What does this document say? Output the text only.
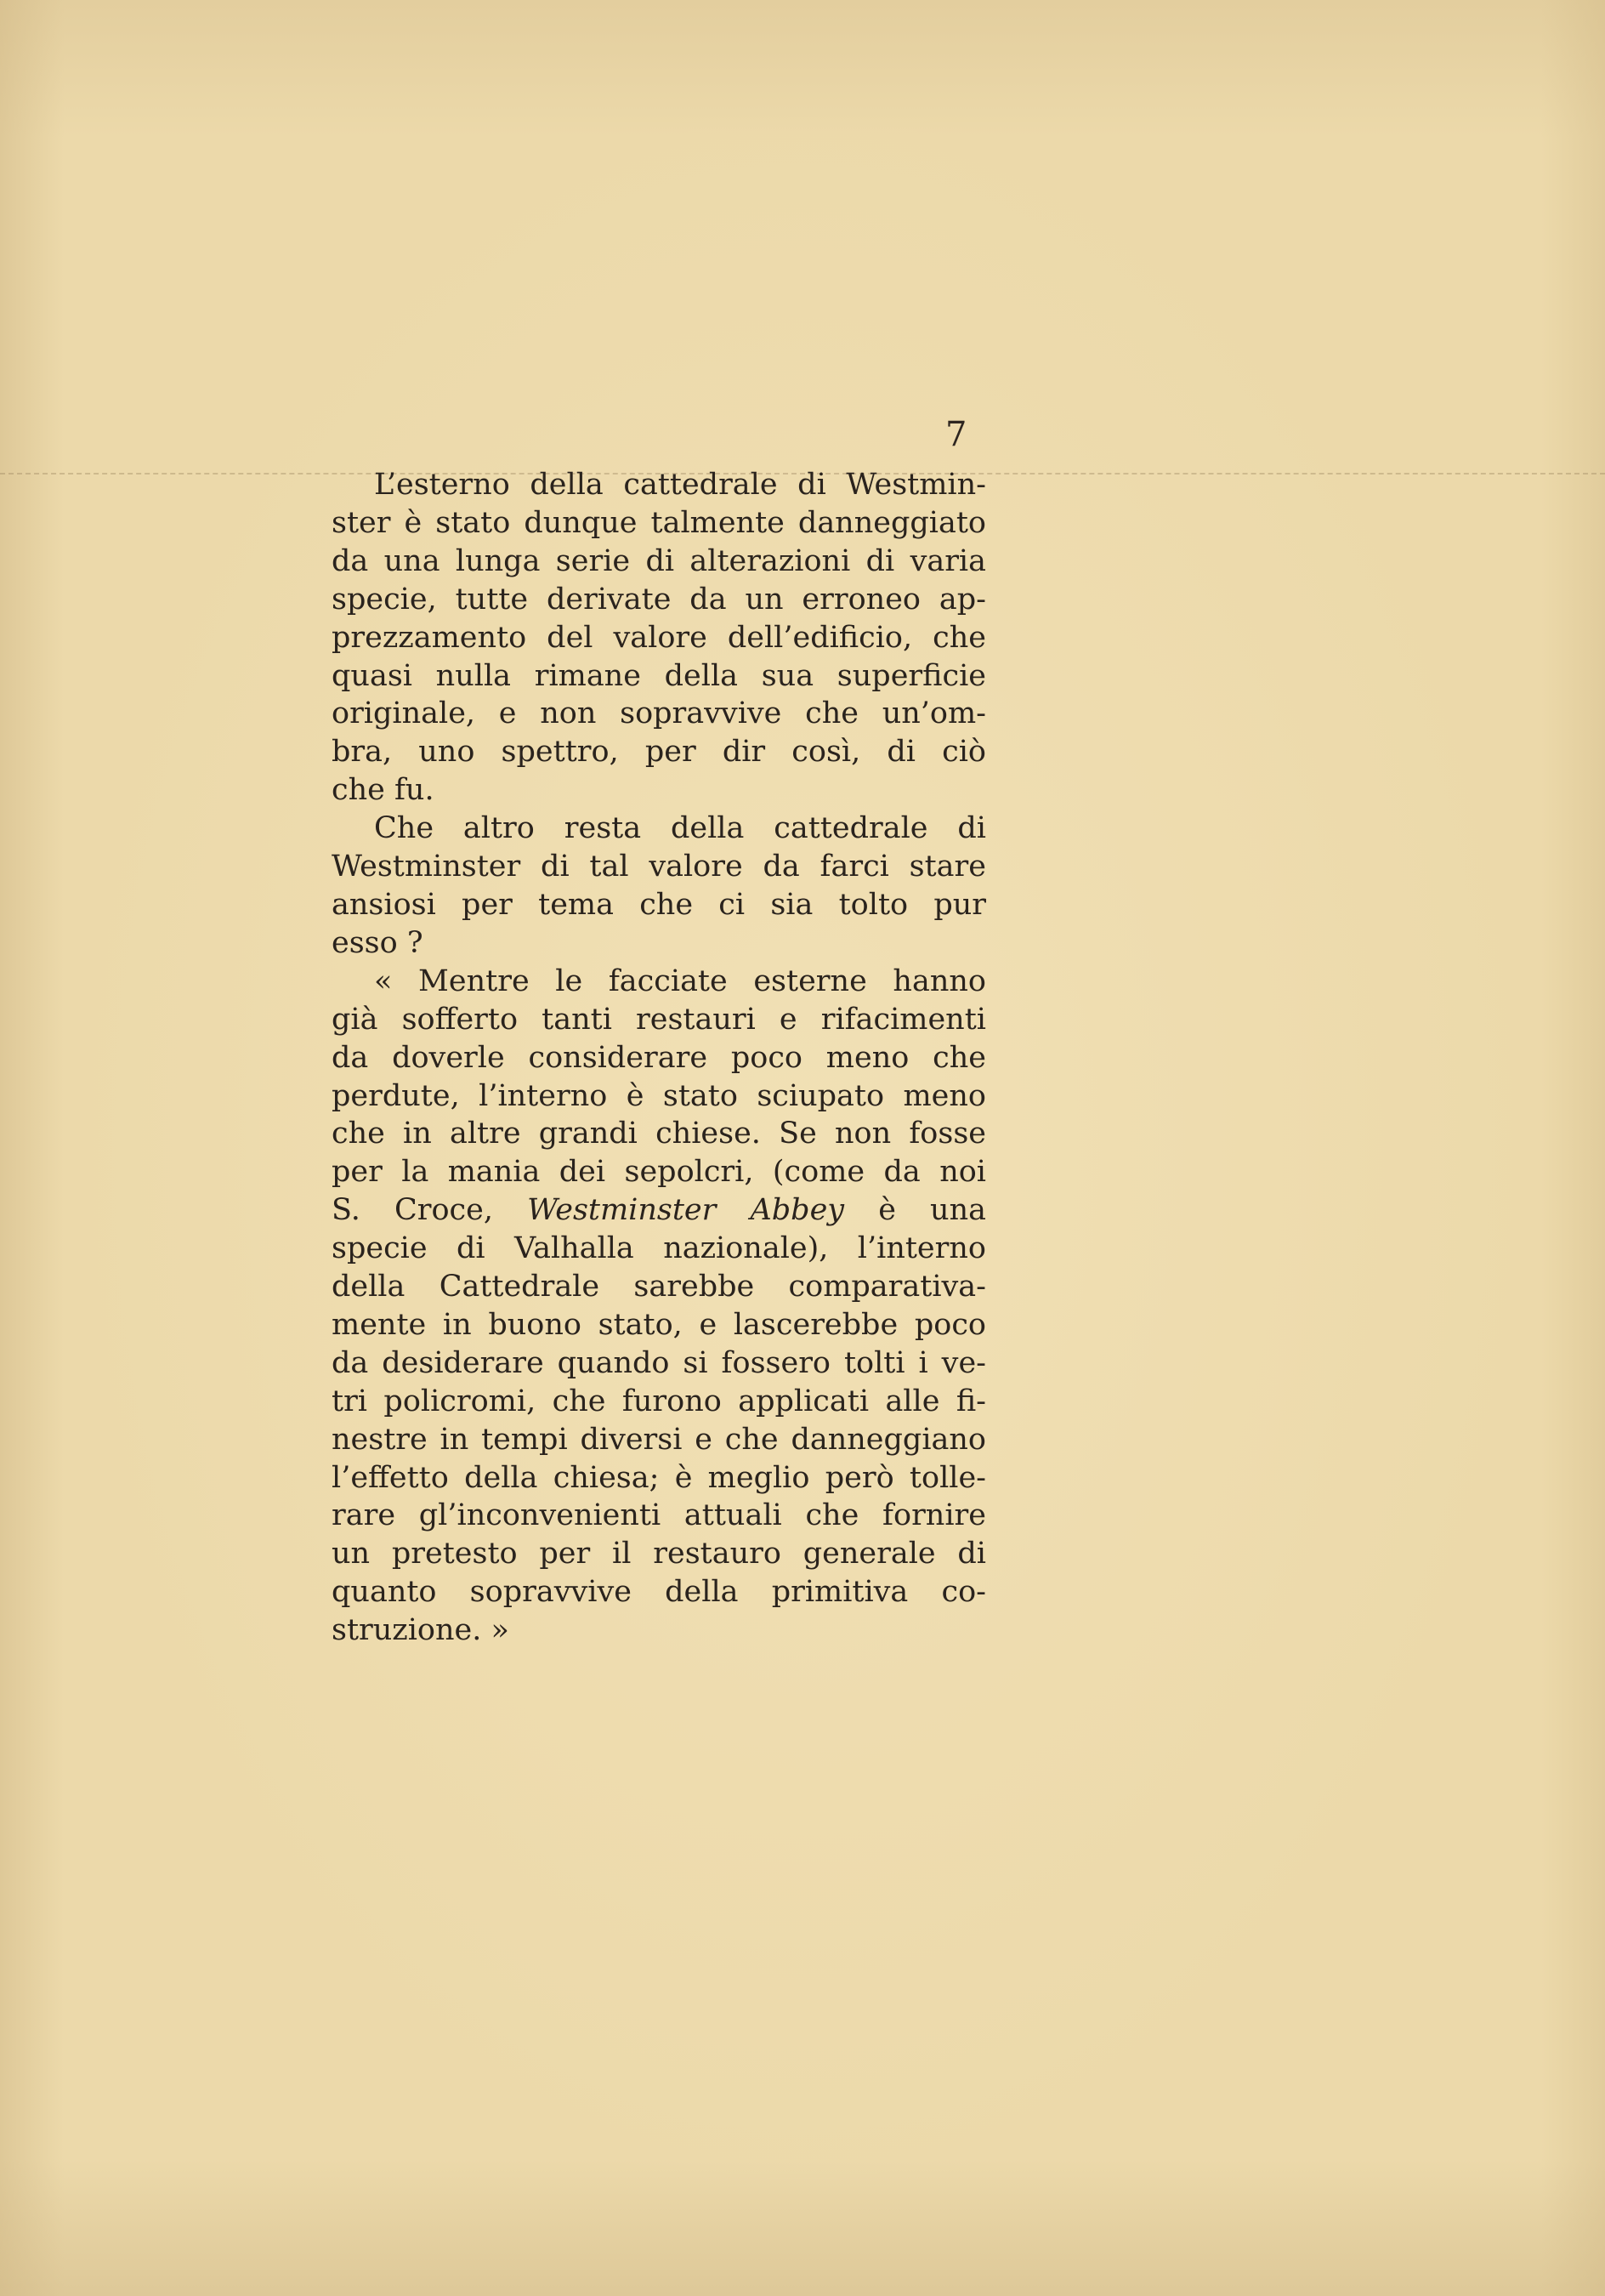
7
L’esterno della cattedrale di Westmin-
ster è stato dunque talmente danneggiato
da una lunga serie di alterazioni di varia
specie, tutte derivate da un erroneo ap-
prezzamento del valore dell’edificio, che
quasi nulla rimane della sua superficie
originale, e non sopravvive che un’om-
bra, uno spettro, per dir così, di ciò
che fu.
Che altro resta della cattedrale di
Westminster di tal valore da farci stare
ansiosi per tema che ci sia tolto pur
esso ?
« Mentre le facciate esterne hanno
già sofferto tanti restauri e rifacimenti
da doverle considerare poco meno che
perdute, l’interno è stato sciupato meno
che in altre grandi chiese. Se non fosse
per la mania dei sepolcri, (come da noi
S. Croce, Westminster Abbey è una
specie di Valhalla nazionale), l’interno
della Cattedrale sarebbe comparativa-
mente in buono stato, e lascerebbe poco
da desiderare quando si fossero tolti i ve-
tri policromi, che furono applicati alle fi-
nestre in tempi diversi e che danneggiano
l’effetto della chiesa; è meglio però tolle-
rare gl’inconvenienti attuali che fornire
un pretesto per il restauro generale di
quanto sopravvive della primitiva co-
struzione. »
